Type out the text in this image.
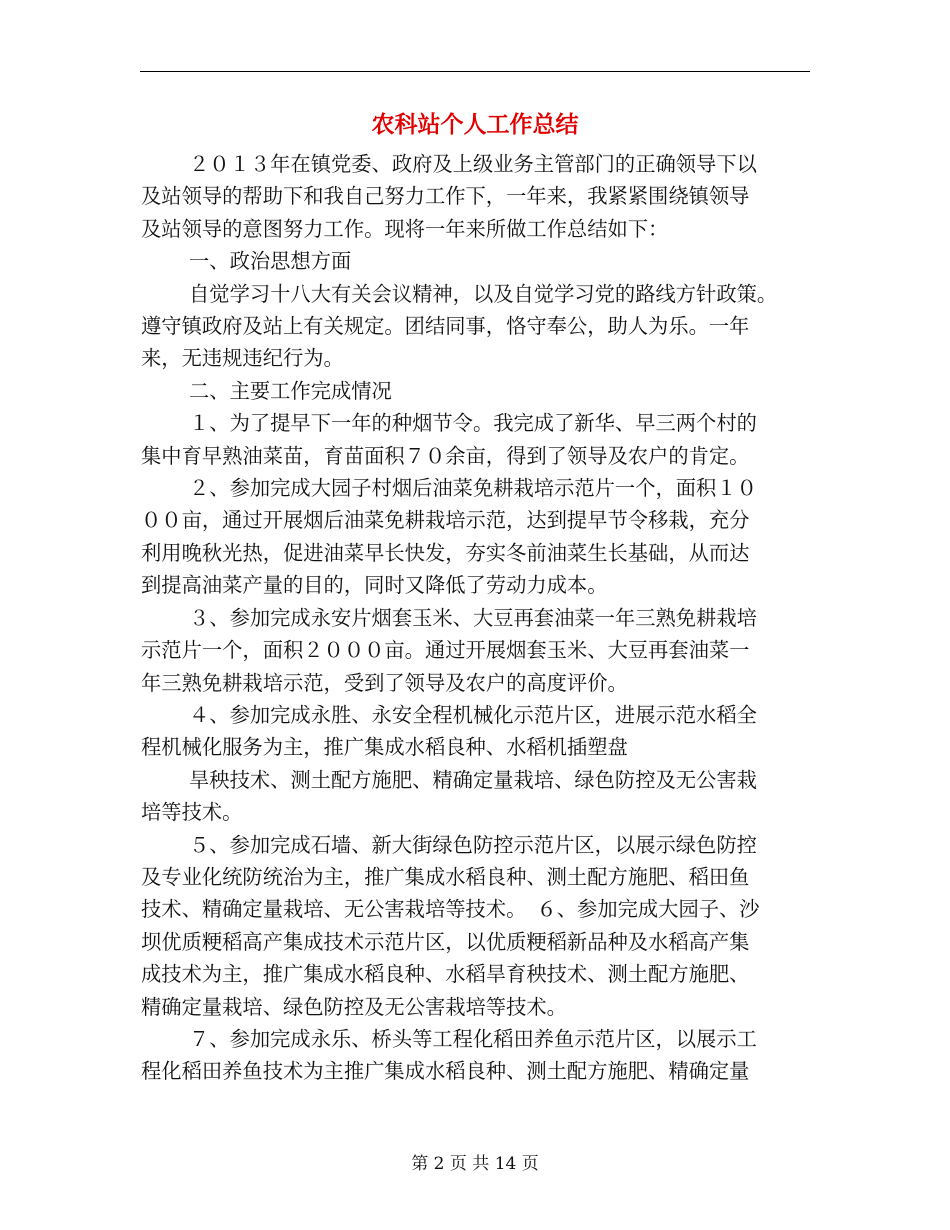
农科站个人工作总结

２０１３年在镇党委、政府及上级业务主管部门的正确领导下以

及站领导的帮助下和我自己努力工作下，一年来，我紧紧围绕镇领导

及站领导的意图努力工作。现将一年来所做工作总结如下：

一、政治思想方面

自觉学习十八大有关会议精神，以及自觉学习党的路线方针政策。

遵守镇政府及站上有关规定。团结同事，恪守奉公，助人为乐。一年

来，无违规违纪行为。

二、主要工作完成情况

１、为了提早下一年的种烟节令。我完成了新华、早三两个村的

集中育早熟油菜苗，育苗面积７０余亩，得到了领导及农户的肯定。

２、参加完成大园子村烟后油菜免耕栽培示范片一个，面积１０

００亩，通过开展烟后油菜免耕栽培示范，达到提早节令移栽，充分

利用晚秋光热，促进油菜早长快发，夯实冬前油菜生长基础，从而达

到提高油菜产量的目的，同时又降低了劳动力成本。

３、参加完成永安片烟套玉米、大豆再套油菜一年三熟免耕栽培

示范片一个，面积２０００亩。通过开展烟套玉米、大豆再套油菜一

年三熟免耕栽培示范，受到了领导及农户的高度评价。

４、参加完成永胜、永安全程机械化示范片区，进展示范水稻全

程机械化服务为主，推广集成水稻良种、水稻机插塑盘

旱秧技术、测土配方施肥、精确定量栽培、绿色防控及无公害栽

培等技术。

５、参加完成石墙、新大街绿色防控示范片区，以展示绿色防控

及专业化统防统治为主，推广集成水稻良种、测土配方施肥、稻田鱼

技术、精确定量栽培、无公害栽培等技术。　６、参加完成大园子、沙

坝优质粳稻高产集成技术示范片区，以优质粳稻新品种及水稻高产集

成技术为主，推广集成水稻良种、水稻旱育秧技术、测土配方施肥、

精确定量栽培、绿色防控及无公害栽培等技术。

７、参加完成永乐、桥头等工程化稻田养鱼示范片区，以展示工

程化稻田养鱼技术为主推广集成水稻良种、测土配方施肥、精确定量

第 2 页 共 14 页
